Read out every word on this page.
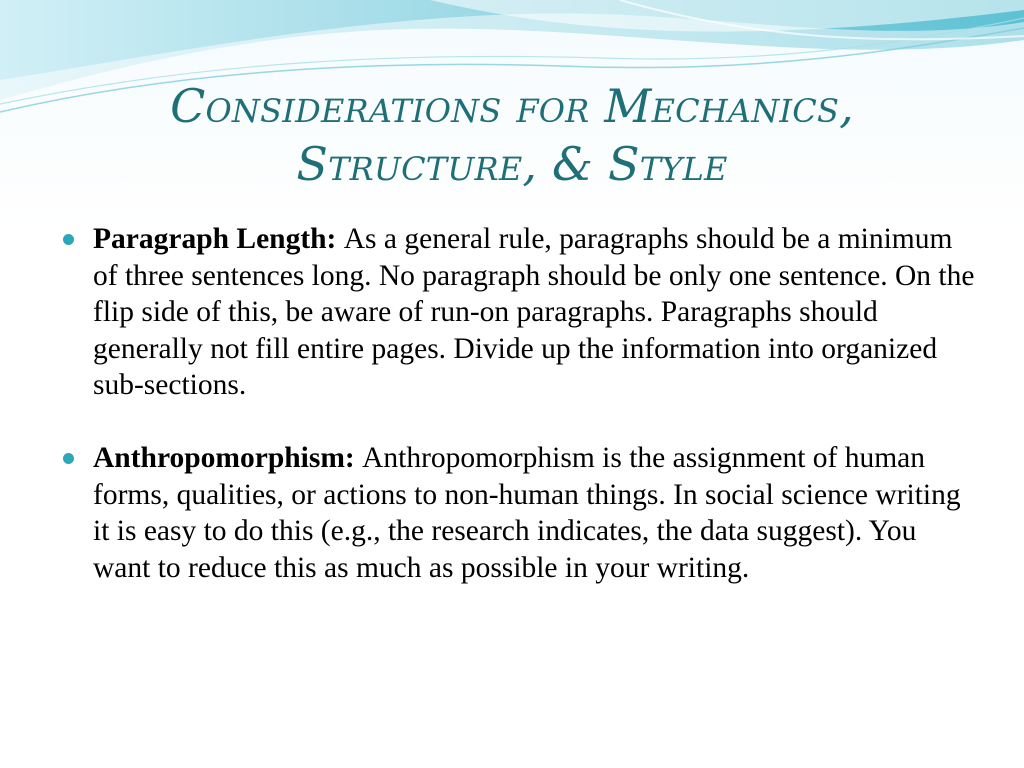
Considerations for Mechanics,
Structure, & Style
Paragraph Length: As a general rule, paragraphs should be a minimum of three sentences long. No paragraph should be only one sentence. On the flip side of this, be aware of run-on paragraphs. Paragraphs should generally not fill entire pages. Divide up the information into organized sub-sections.
Anthropomorphism: Anthropomorphism is the assignment of human forms, qualities, or actions to non-human things. In social science writing it is easy to do this (e.g., the research indicates, the data suggest). You want to reduce this as much as possible in your writing.
